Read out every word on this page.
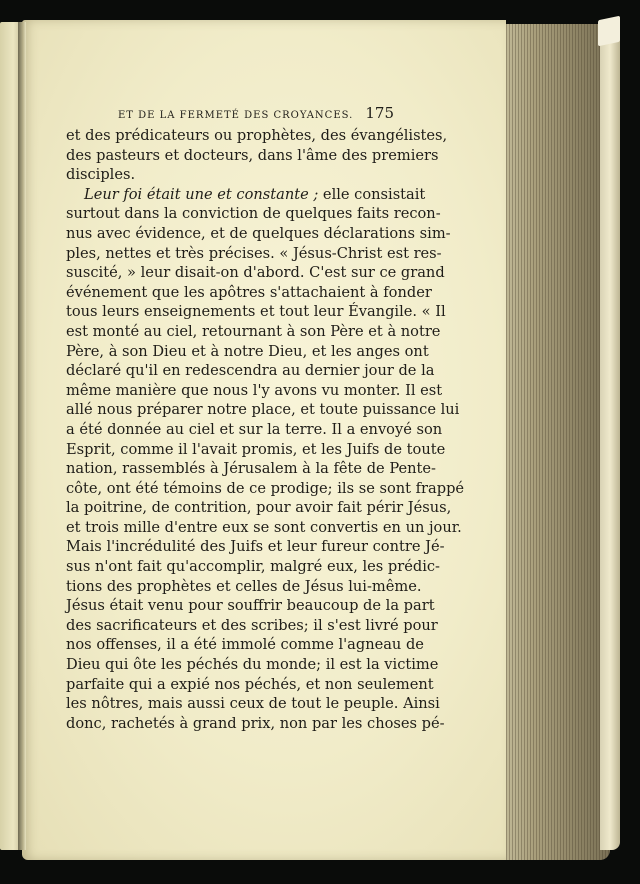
ET DE LA FERMETÉ DES CROYANCES. 175
et des prédicateurs ou prophètes, des évangélistes,
des pasteurs et docteurs, dans l'âme des premiers
disciples.
Leur foi était une et constante ; elle consistait
surtout dans la conviction de quelques faits recon-
nus avec évidence, et de quelques déclarations sim-
ples, nettes et très précises. « Jésus-Christ est res-
suscité, » leur disait-on d'abord. C'est sur ce grand
événement que les apôtres s'attachaient à fonder
tous leurs enseignements et tout leur Évangile. « Il
est monté au ciel, retournant à son Père et à notre
Père, à son Dieu et à notre Dieu, et les anges ont
déclaré qu'il en redescendra au dernier jour de la
même manière que nous l'y avons vu monter. Il est
allé nous préparer notre place, et toute puissance lui
a été donnée au ciel et sur la terre. Il a envoyé son
Esprit, comme il l'avait promis, et les Juifs de toute
nation, rassemblés à Jérusalem à la fête de Pente-
côte, ont été témoins de ce prodige; ils se sont frappé
la poitrine, de contrition, pour avoir fait périr Jésus,
et trois mille d'entre eux se sont convertis en un jour.
Mais l'incrédulité des Juifs et leur fureur contre Jé-
sus n'ont fait qu'accomplir, malgré eux, les prédic-
tions des prophètes et celles de Jésus lui-même.
Jésus était venu pour souffrir beaucoup de la part
des sacrificateurs et des scribes; il s'est livré pour
nos offenses, il a été immolé comme l'agneau de
Dieu qui ôte les péchés du monde; il est la victime
parfaite qui a expié nos péchés, et non seulement
les nôtres, mais aussi ceux de tout le peuple. Ainsi
donc, rachetés à grand prix, non par les choses pé-
